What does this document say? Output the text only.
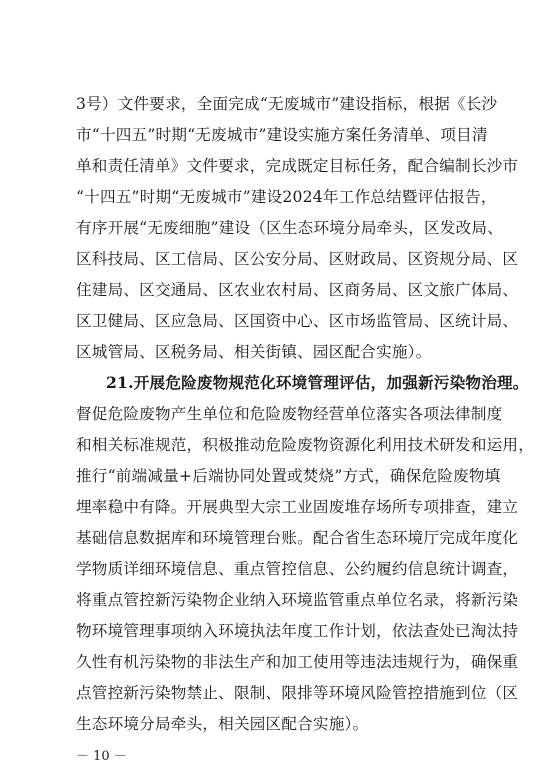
3号）文件要求，全面完成“无废城市”建设指标，根据《长沙
市“十四五”时期“无废城市”建设实施方案任务清单、项目清
单和责任清单》文件要求，完成既定目标任务，配合编制长沙市
“十四五”时期“无废城市”建设2024年工作总结暨评估报告，
有序开展“无废细胞”建设（区生态环境分局牵头，区发改局、
区科技局、区工信局、区公安分局、区财政局、区资规分局、区
住建局、区交通局、区农业农村局、区商务局、区文旅广体局、
区卫健局、区应急局、区国资中心、区市场监管局、区统计局、
区城管局、区税务局、相关街镇、园区配合实施）。
21.开展危险废物规范化环境管理评估，加强新污染物治理。
督促危险废物产生单位和危险废物经营单位落实各项法律制度
和相关标准规范，积极推动危险废物资源化利用技术研发和运用，
推行“前端减量+后端协同处置或焚烧”方式，确保危险废物填
埋率稳中有降。开展典型大宗工业固废堆存场所专项排查，建立
基础信息数据库和环境管理台账。配合省生态环境厅完成年度化
学物质详细环境信息、重点管控信息、公约履约信息统计调查，
将重点管控新污染物企业纳入环境监管重点单位名录，将新污染
物环境管理事项纳入环境执法年度工作计划，依法查处已淘汰持
久性有机污染物的非法生产和加工使用等违法违规行为，确保重
点管控新污染物禁止、限制、限排等环境风险管控措施到位（区
生态环境分局牵头，相关园区配合实施）。
－ 10 －
